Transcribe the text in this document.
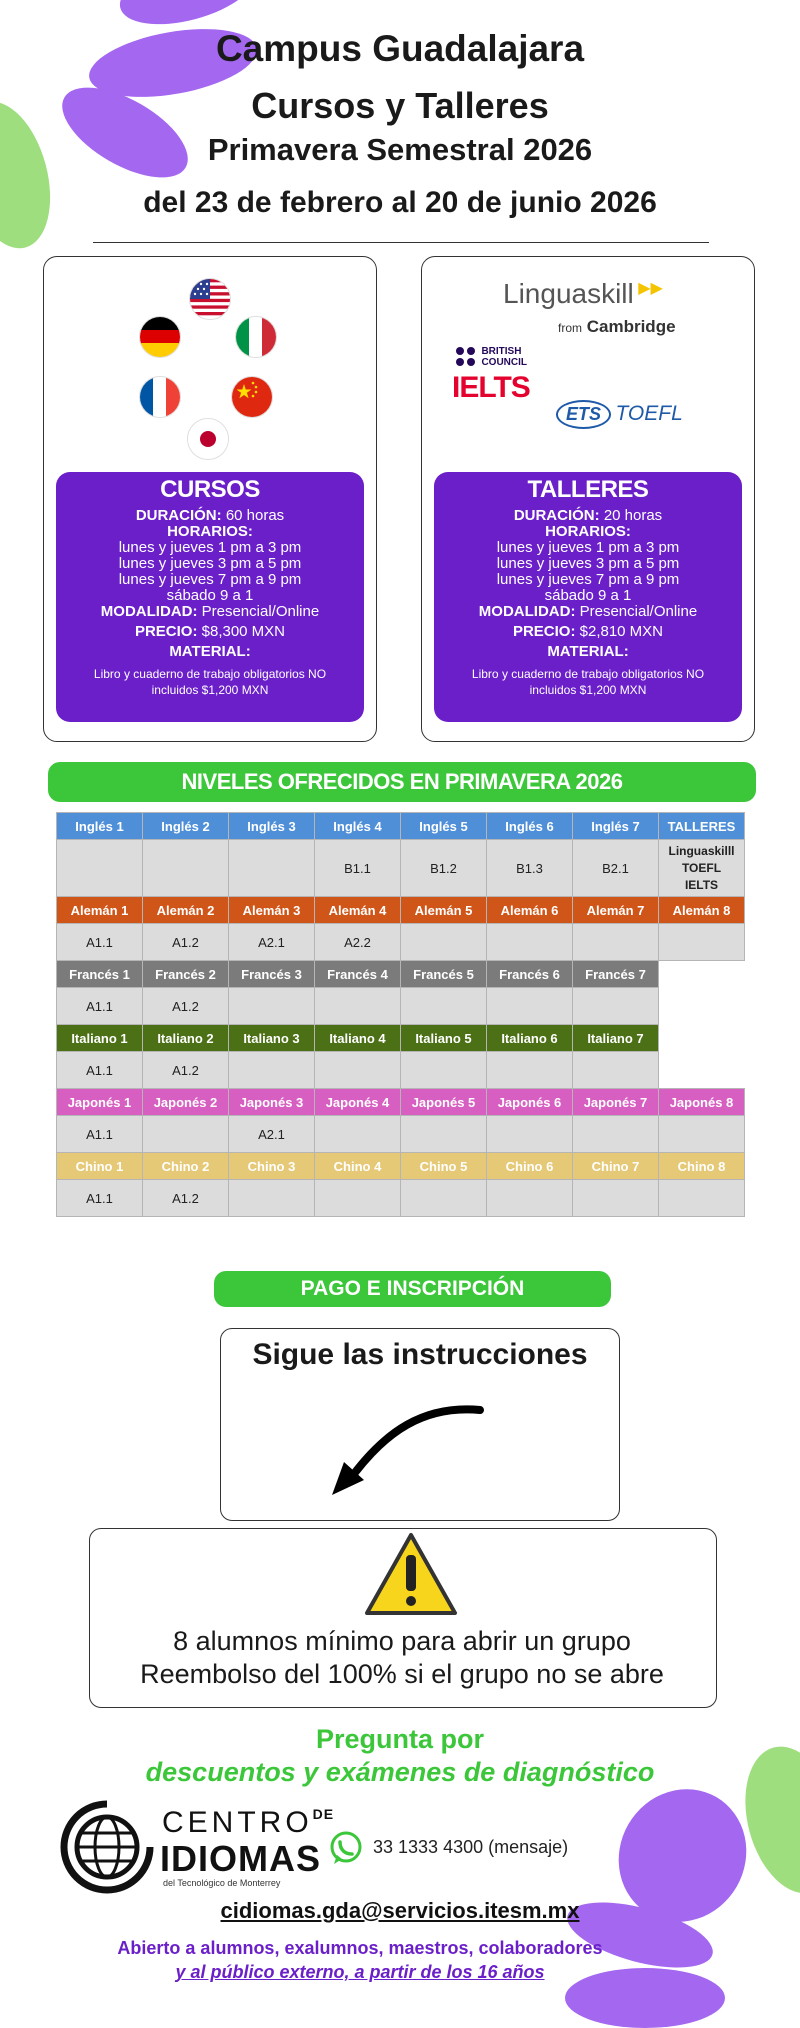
Campus Guadalajara
Cursos y Talleres
Primavera Semestral 2026
del 23 de febrero al 20 de junio 2026
CURSOS
DURACIÓN: 60 horas
HORARIOS:
lunes y jueves 1 pm a 3 pm
lunes y jueves 3 pm a 5 pm
lunes y jueves 7 pm a 9 pm
sábado 9 a 1
MODALIDAD: Presencial/Online
PRECIO: $8,300 MXN
MATERIAL:
Libro y cuaderno de trabajo obligatorios NO incluidos $1,200 MXN
Linguaskill ▶▶
from Cambridge
BRITISH
COUNCIL
IELTS
ETS TOEFL
TALLERES
DURACIÓN: 20 horas
HORARIOS:
lunes y jueves 1 pm a 3 pm
lunes y jueves 3 pm a 5 pm
lunes y jueves 7 pm a 9 pm
sábado 9 a 1
MODALIDAD: Presencial/Online
PRECIO: $2,810 MXN
MATERIAL:
Libro y cuaderno de trabajo obligatorios NO incluidos $1,200 MXN
NIVELES OFRECIDOS EN PRIMAVERA 2026
Inglés 1	Inglés 2	Inglés 3	Inglés 4	Inglés 5	Inglés 6	Inglés 7	TALLERES
			B1.1	B1.2	B1.3	B2.1	Linguaskilll
TOEFL
IELTS
Alemán 1	Alemán 2	Alemán 3	Alemán 4	Alemán 5	Alemán 6	Alemán 7	Alemán 8
A1.1	A1.2	A2.1	A2.2				
Francés 1	Francés 2	Francés 3	Francés 4	Francés 5	Francés 6	Francés 7	
A1.1	A1.2						
Italiano 1	Italiano 2	Italiano 3	Italiano 4	Italiano 5	Italiano 6	Italiano 7	
A1.1	A1.2						
Japonés 1	Japonés 2	Japonés 3	Japonés 4	Japonés 5	Japonés 6	Japonés 7	Japonés 8
A1.1		A2.1					
Chino 1	Chino 2	Chino 3	Chino 4	Chino 5	Chino 6	Chino 7	Chino 8
A1.1	A1.2						
PAGO E INSCRIPCIÓN
Sigue las instrucciones
8 alumnos mínimo para abrir un grupo
Reembolso del 100% si el grupo no se abre
Pregunta por
descuentos y exámenes de diagnóstico
$CENTRO^{DE}$
IDIOMAS
del Tecnológico de Monterrey
33 1333 4300 (mensaje)
cidiomas.gda@servicios.itesm.mx
Abierto a alumnos, exalumnos, maestros, colaboradores
y al público externo, a partir de los 16 años
